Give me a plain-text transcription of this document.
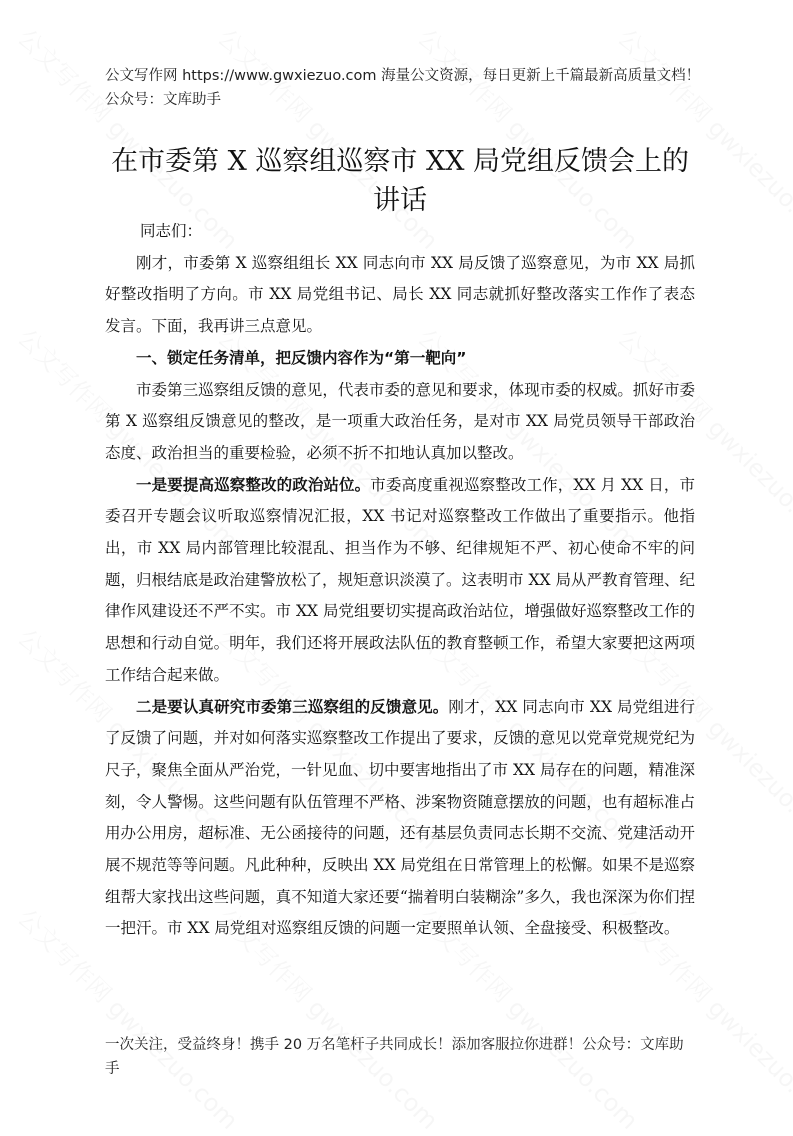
公文写作网 https://www.gwxiezuo.com 海量公文资源，每日更新上千篇最新高质量文档！ 公众号：文库助手
在市委第 X 巡察组巡察市 XX 局党组反馈会上的讲话

同志们：

刚才，市委第 X 巡察组组长 XX 同志向市 XX 局反馈了巡察意见，为市 XX 局抓好整改指明了方向。市 XX 局党组书记、局长 XX 同志就抓好整改落实工作作了表态发言。下面，我再讲三点意见。

一、锁定任务清单，把反馈内容作为“第一靶向”

市委第三巡察组反馈的意见，代表市委的意见和要求，体现市委的权威。抓好市委第 X 巡察组反馈意见的整改，是一项重大政治任务，是对市 XX 局党员领导干部政治态度、政治担当的重要检验，必须不折不扣地认真加以整改。

一是要提高巡察整改的政治站位。市委高度重视巡察整改工作，XX 月 XX 日，市委召开专题会议听取巡察情况汇报，XX 书记对巡察整改工作做出了重要指示。他指出，市 XX 局内部管理比较混乱、担当作为不够、纪律规矩不严、初心使命不牢的问题，归根结底是政治建警放松了，规矩意识淡漠了。这表明市 XX 局从严教育管理、纪律作风建设还不严不实。市 XX 局党组要切实提高政治站位，增强做好巡察整改工作的思想和行动自觉。明年，我们还将开展政法队伍的教育整顿工作，希望大家要把这两项工作结合起来做。

二是要认真研究市委第三巡察组的反馈意见。刚才，XX 同志向市 XX 局党组进行了反馈了问题，并对如何落实巡察整改工作提出了要求，反馈的意见以党章党规党纪为尺子，聚焦全面从严治党，一针见血、切中要害地指出了市 XX 局存在的问题，精准深刻，令人警惕。这些问题有队伍管理不严格、涉案物资随意摆放的问题，也有超标准占用办公用房，超标准、无公函接待的问题，还有基层负责同志长期不交流、党建活动开展不规范等等问题。凡此种种，反映出 XX 局党组在日常管理上的松懈。如果不是巡察组帮大家找出这些问题，真不知道大家还要“揣着明白装糊涂”多久，我也深深为你们捏一把汗。市 XX 局党组对巡察组反馈的问题一定要照单认领、全盘接受、积极整改。

一次关注，受益终身！携手 20 万名笔杆子共同成长！添加客服拉你进群！公众号：文库助手
